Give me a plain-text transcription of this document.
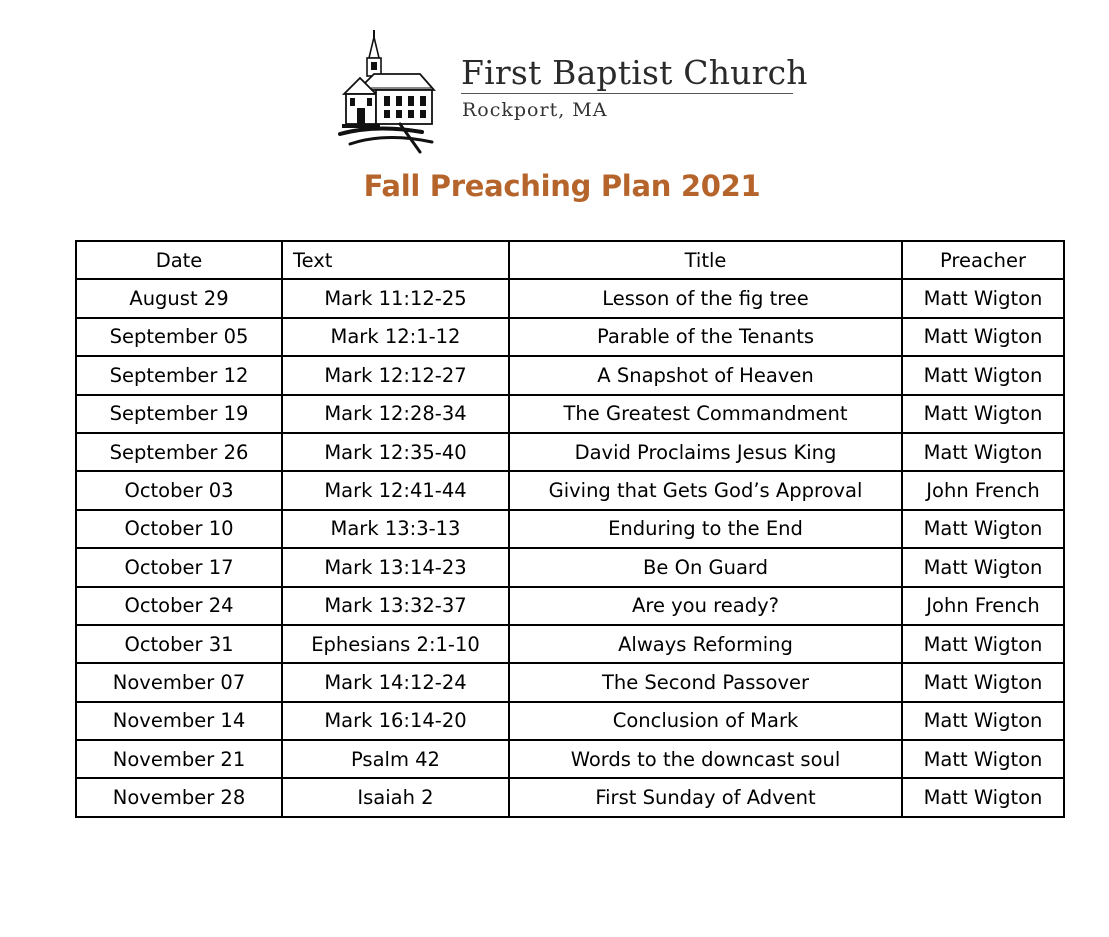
First Baptist Church
Rockport, MA
Fall Preaching Plan 2021
Date	Text	Title	Preacher
August 29	Mark 11:12-25	Lesson of the fig tree	Matt Wigton
September 05	Mark 12:1-12	Parable of the Tenants	Matt Wigton
September 12	Mark 12:12-27	A Snapshot of Heaven	Matt Wigton
September 19	Mark 12:28-34	The Greatest Commandment	Matt Wigton
September 26	Mark 12:35-40	David Proclaims Jesus King	Matt Wigton
October 03	Mark 12:41-44	Giving that Gets God’s Approval	John French
October 10	Mark 13:3-13	Enduring to the End	Matt Wigton
October 17	Mark 13:14-23	Be On Guard	Matt Wigton
October 24	Mark 13:32-37	Are you ready?	John French
October 31	Ephesians 2:1-10	Always Reforming	Matt Wigton
November 07	Mark 14:12-24	The Second Passover	Matt Wigton
November 14	Mark 16:14-20	Conclusion of Mark	Matt Wigton
November 21	Psalm 42	Words to the downcast soul	Matt Wigton
November 28	Isaiah 2	First Sunday of Advent	Matt Wigton
